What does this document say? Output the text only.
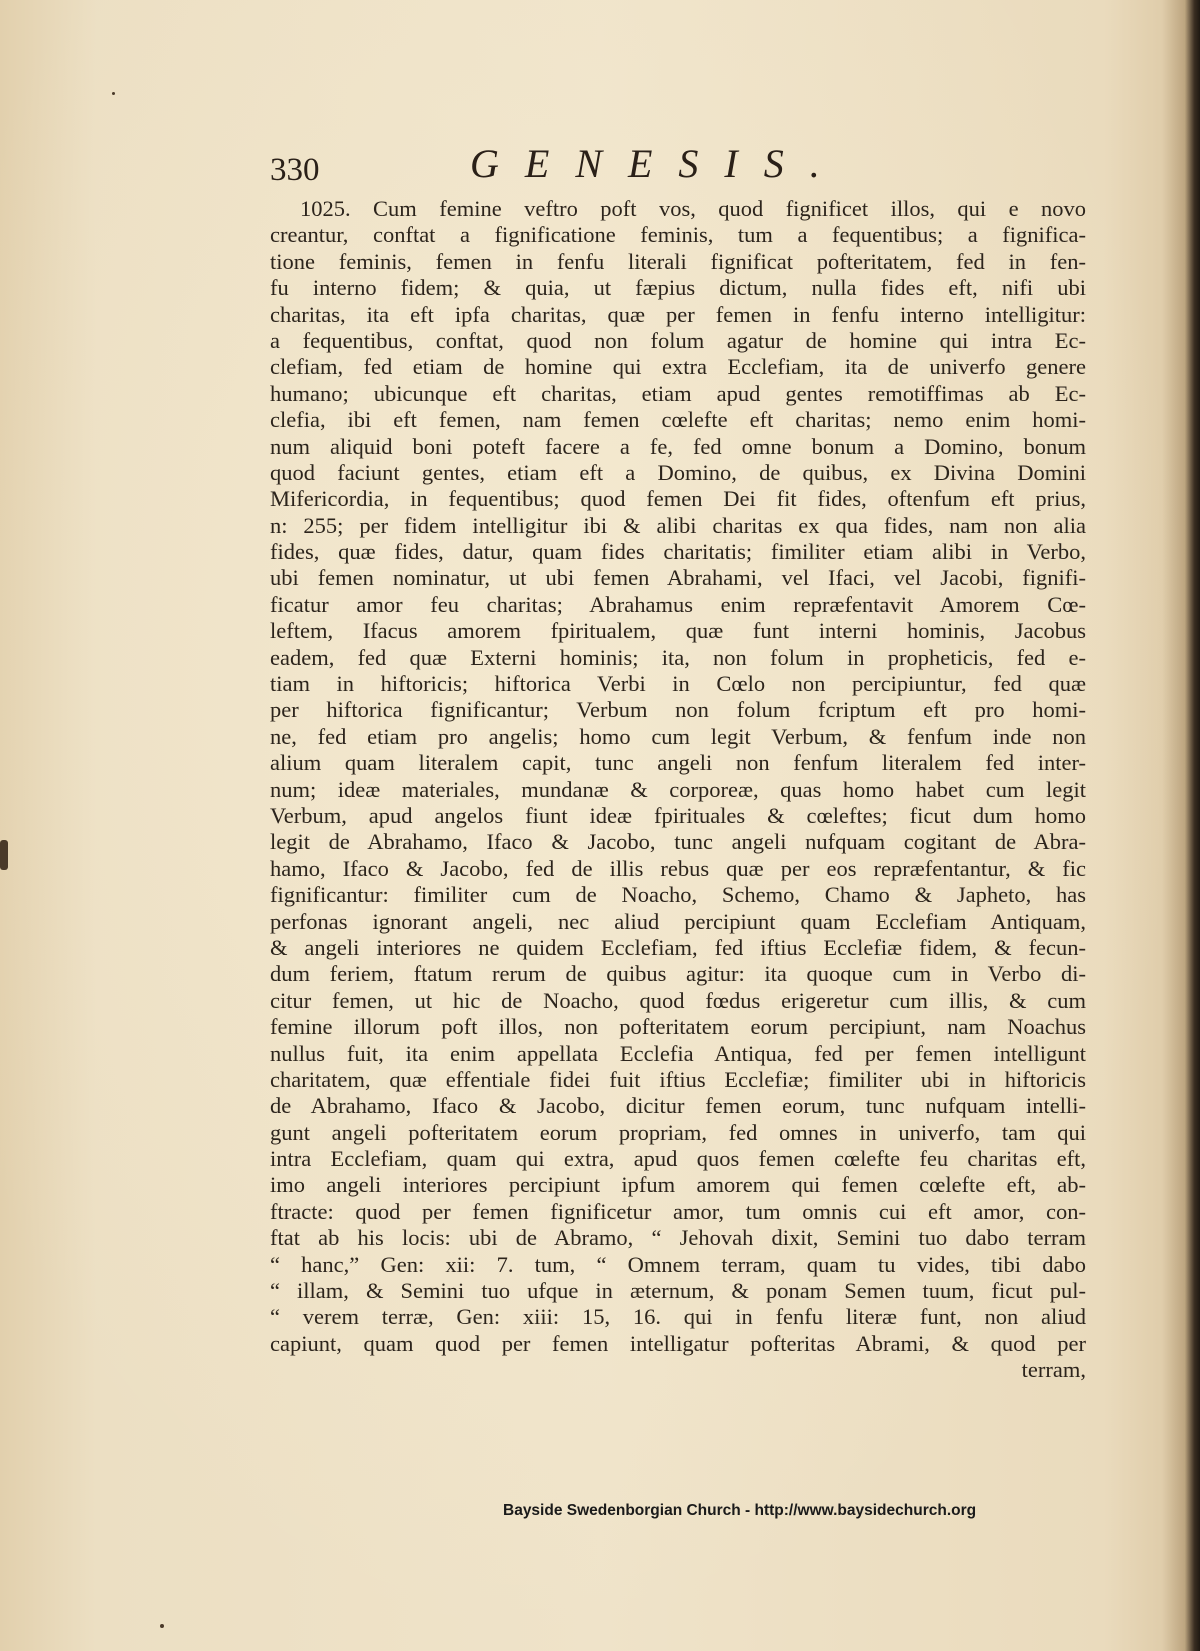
330	GENESIS.
1025. Cum femine veftro poft vos, quod fignificet illos, qui e novo
creantur, conftat a fignificatione feminis, tum a fequentibus; a fignifica-
tione feminis, femen in fenfu literali fignificat pofteritatem, fed in fen-
fu interno fidem; & quia, ut fæpius dictum, nulla fides eft, nifi ubi
charitas, ita eft ipfa charitas, quæ per femen in fenfu interno intelligitur:
a fequentibus, conftat, quod non folum agatur de homine qui intra Ec-
clefiam, fed etiam de homine qui extra Ecclefiam, ita de univerfo genere
humano; ubicunque eft charitas, etiam apud gentes remotiffimas ab Ec-
clefia, ibi eft femen, nam femen cœlefte eft charitas; nemo enim homi-
num aliquid boni poteft facere a fe, fed omne bonum a Domino, bonum
quod faciunt gentes, etiam eft a Domino, de quibus, ex Divina Domini
Mifericordia, in fequentibus; quod femen Dei fit fides, oftenfum eft prius,
n: 255; per fidem intelligitur ibi & alibi charitas ex qua fides, nam non alia
fides, quæ fides, datur, quam fides charitatis; fimiliter etiam alibi in Verbo,
ubi femen nominatur, ut ubi femen Abrahami, vel Ifaci, vel Jacobi, fignifi-
ficatur amor feu charitas; Abrahamus enim repræfentavit Amorem Cœ-
leftem, Ifacus amorem fpiritualem, quæ funt interni hominis, Jacobus
eadem, fed quæ Externi hominis; ita, non folum in propheticis, fed e-
tiam in hiftoricis; hiftorica Verbi in Cœlo non percipiuntur, fed quæ
per hiftorica fignificantur; Verbum non folum fcriptum eft pro homi-
ne, fed etiam pro angelis; homo cum legit Verbum, & fenfum inde non
alium quam literalem capit, tunc angeli non fenfum literalem fed inter-
num; ideæ materiales, mundanæ & corporeæ, quas homo habet cum legit
Verbum, apud angelos fiunt ideæ fpirituales & cœleftes; ficut dum homo
legit de Abrahamo, Ifaco & Jacobo, tunc angeli nufquam cogitant de Abra-
hamo, Ifaco & Jacobo, fed de illis rebus quæ per eos repræfentantur, & fic
fignificantur: fimiliter cum de Noacho, Schemo, Chamo & Japheto, has
perfonas ignorant angeli, nec aliud percipiunt quam Ecclefiam Antiquam,
& angeli interiores ne quidem Ecclefiam, fed iftius Ecclefiæ fidem, & fecun-
dum feriem, ftatum rerum de quibus agitur: ita quoque cum in Verbo di-
citur femen, ut hic de Noacho, quod fœdus erigeretur cum illis, & cum
femine illorum poft illos, non pofteritatem eorum percipiunt, nam Noachus
nullus fuit, ita enim appellata Ecclefia Antiqua, fed per femen intelligunt
charitatem, quæ effentiale fidei fuit iftius Ecclefiæ; fimiliter ubi in hiftoricis
de Abrahamo, Ifaco & Jacobo, dicitur femen eorum, tunc nufquam intelli-
gunt angeli pofteritatem eorum propriam, fed omnes in univerfo, tam qui
intra Ecclefiam, quam qui extra, apud quos femen cœlefte feu charitas eft,
imo angeli interiores percipiunt ipfum amorem qui femen cœlefte eft, ab-
ftracte: quod per femen fignificetur amor, tum omnis cui eft amor, con-
ftat ab his locis: ubi de Abramo, “ Jehovah dixit, Semini tuo dabo terram
“ hanc,” Gen: xii: 7. tum, “ Omnem terram, quam tu vides, tibi dabo
“ illam, & Semini tuo ufque in æternum, & ponam Semen tuum, ficut pul-
“ verem terræ, Gen: xiii: 15, 16. qui in fenfu literæ funt, non aliud
capiunt, quam quod per femen intelligatur pofteritas Abrami, & quod per
terram,
Bayside Swedenborgian Church - http://www.baysidechurch.org
